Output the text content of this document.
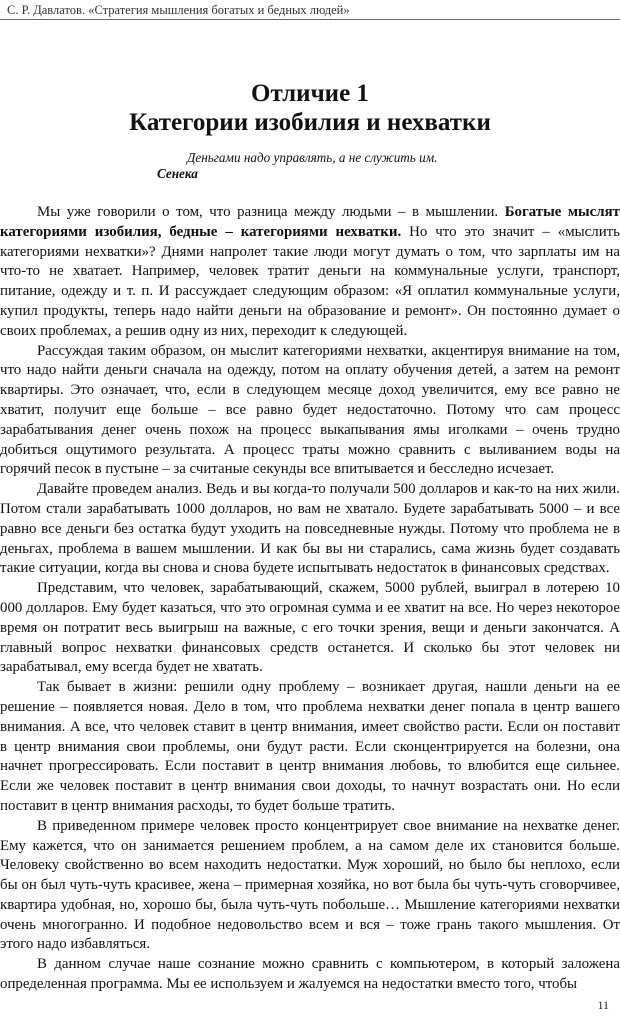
С. Р. Давлатов. «Стратегия мышления богатых и бедных людей»
Отличие 1
Категории изобилия и нехватки
Деньгами надо управлять, а не служить им.
Сенека

Мы уже говорили о том, что разница между людьми – в мышлении. Богатые мыслят категориями изобилия, бедные – категориями нехватки. Но что это значит – «мыслить категориями нехватки»? Днями напролет такие люди могут думать о том, что зарплаты им на что-то не хватает. Например, человек тратит деньги на коммунальные услуги, транспорт, питание, одежду и т. п. И рассуждает следующим образом: «Я оплатил коммунальные услуги, купил продукты, теперь надо найти деньги на образование и ремонт». Он постоянно думает о своих проблемах, а решив одну из них, переходит к следующей.

Рассуждая таким образом, он мыслит категориями нехватки, акцентируя внимание на том, что надо найти деньги сначала на одежду, потом на оплату обучения детей, а затем на ремонт квартиры. Это означает, что, если в следующем месяце доход увеличится, ему все равно не хватит, получит еще больше – все равно будет недостаточно. Потому что сам процесс зарабатывания денег очень похож на процесс выкапывания ямы иголками – очень трудно добиться ощутимого результата. А процесс траты можно сравнить с выливанием воды на горячий песок в пустыне – за считаные секунды все впитывается и бесследно исчезает.

Давайте проведем анализ. Ведь и вы когда-то получали 500 долларов и как-то на них жили. Потом стали зарабатывать 1000 долларов, но вам не хватало. Будете зарабатывать 5000 – и все равно все деньги без остатка будут уходить на повседневные нужды. Потому что проблема не в деньгах, проблема в вашем мышлении. И как бы вы ни старались, сама жизнь будет создавать такие ситуации, когда вы снова и снова будете испытывать недостаток в финансовых средствах.

Представим, что человек, зарабатывающий, скажем, 5000 рублей, выиграл в лотерею 10 000 долларов. Ему будет казаться, что это огромная сумма и ее хватит на все. Но через некоторое время он потратит весь выигрыш на важные, с его точки зрения, вещи и деньги закончатся. А главный вопрос нехватки финансовых средств останется. И сколько бы этот человек ни зарабатывал, ему всегда будет не хватать.

Так бывает в жизни: решили одну проблему – возникает другая, нашли деньги на ее решение – появляется новая. Дело в том, что проблема нехватки денег попала в центр вашего внимания. А все, что человек ставит в центр внимания, имеет свойство расти. Если он поставит в центр внимания свои проблемы, они будут расти. Если сконцентрируется на болезни, она начнет прогрессировать. Если поставит в центр внимания любовь, то влюбится еще сильнее. Если же человек поставит в центр внимания свои доходы, то начнут возрастать они. Но если поставит в центр внимания расходы, то будет больше тратить.

В приведенном примере человек просто концентрирует свое внимание на нехватке денег. Ему кажется, что он занимается решением проблем, а на самом деле их становится больше. Человеку свойственно во всем находить недостатки. Муж хороший, но было бы неплохо, если бы он был чуть-чуть красивее, жена – примерная хозяйка, но вот была бы чуть-чуть сговорчивее, квартира удобная, но, хорошо бы, была чуть-чуть побольше… Мышление категориями нехватки очень многогранно. И подобное недовольство всем и вся – тоже грань такого мышления. От этого надо избавляться.

В данном случае наше сознание можно сравнить с компьютером, в который заложена определенная программа. Мы ее используем и жалуемся на недостатки вместо того, чтобы

11
